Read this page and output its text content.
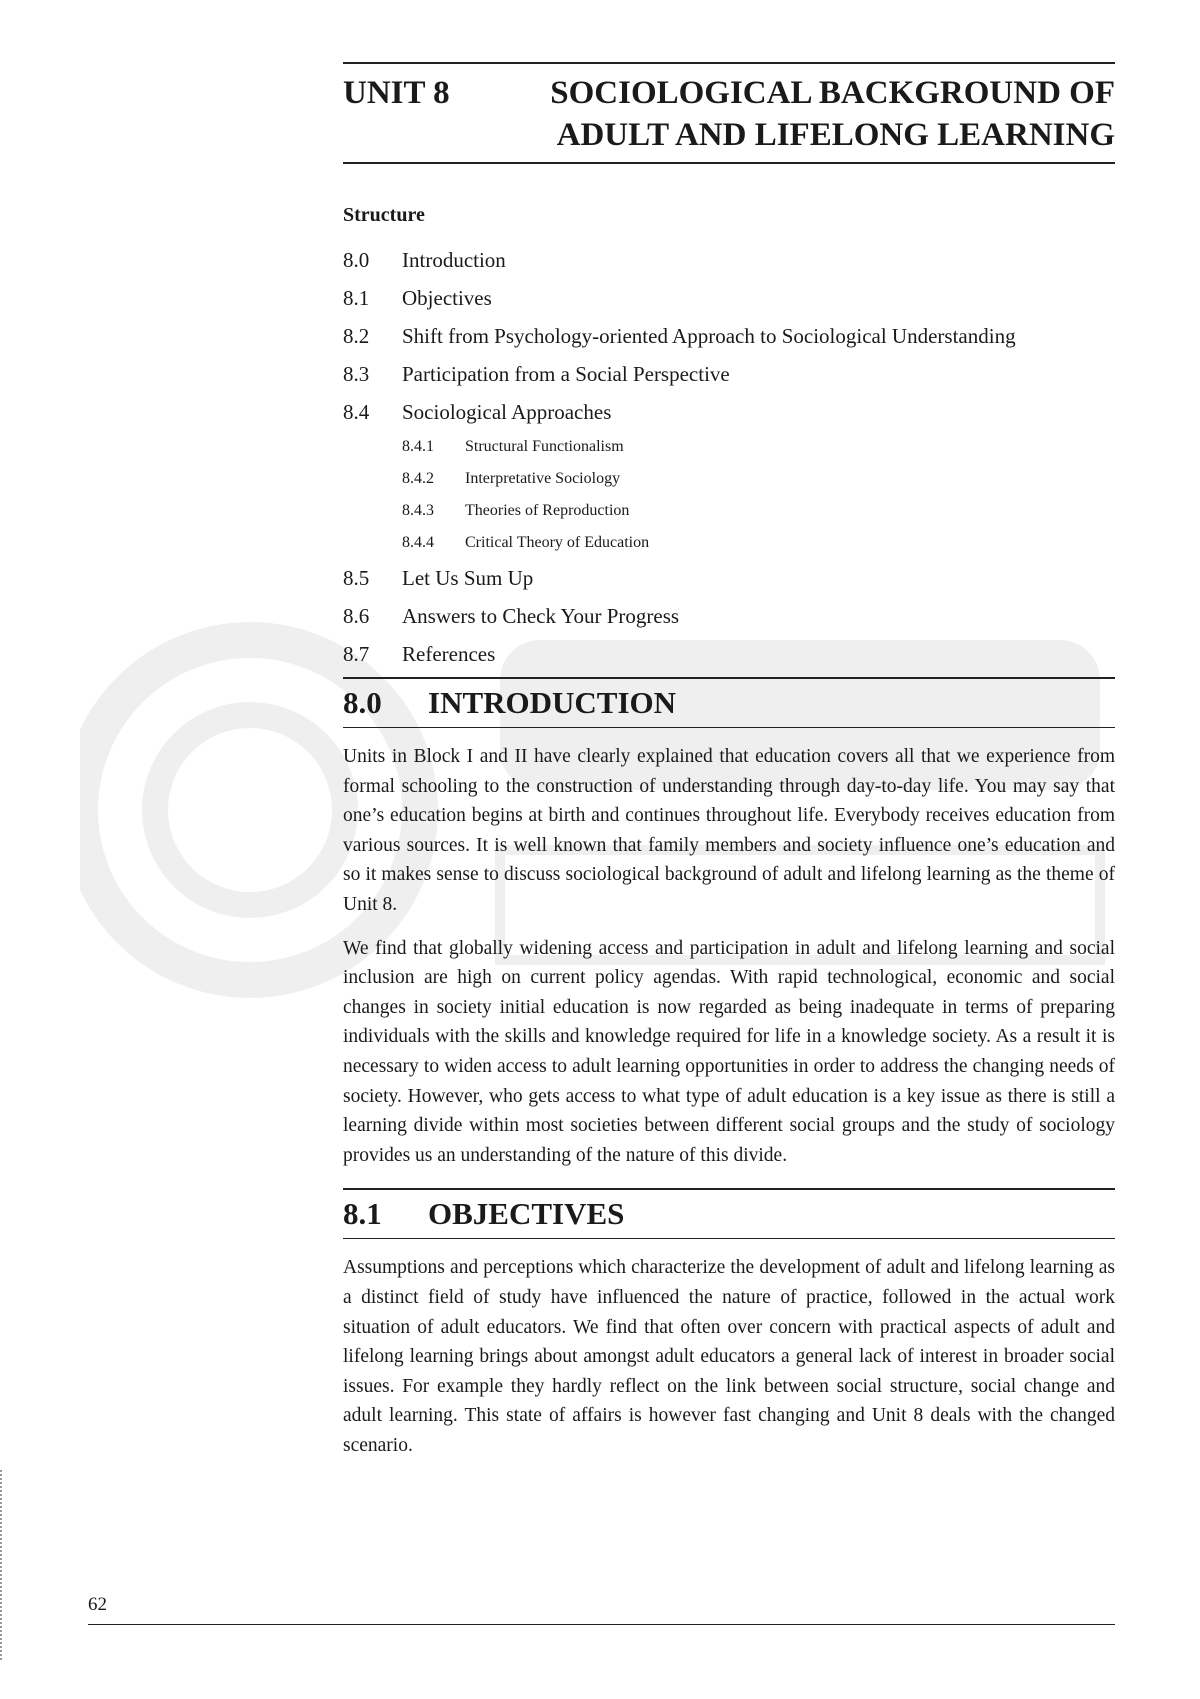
UNIT 8	SOCIOLOGICAL BACKGROUND OF
ADULT AND LIFELONG LEARNING
Structure
8.0	Introduction
8.1	Objectives
8.2	Shift from Psychology-oriented Approach to Sociological Understanding
8.3	Participation from a Social Perspective
8.4	Sociological Approaches
8.4.1	Structural Functionalism
8.4.2	Interpretative Sociology
8.4.3	Theories of Reproduction
8.4.4	Critical Theory of Education
8.5	Let Us Sum Up
8.6	Answers to Check Your Progress
8.7	References
8.0	INTRODUCTION

Units in Block I and II have clearly explained that education covers all that we experience from formal schooling to the construction of understanding through day-to-day life. You may say that one’s education begins at birth and continues throughout life. Everybody receives education from various sources. It is well known that family members and society influence one’s education and so it makes sense to discuss sociological background of adult and lifelong learning as the theme of Unit 8.

We find that globally widening access and participation in adult and lifelong learning and social inclusion are high on current policy agendas. With rapid technological, economic and social changes in society initial education is now regarded as being inadequate in terms of preparing individuals with the skills and knowledge required for life in a knowledge society. As a result it is necessary to widen access to adult learning opportunities in order to address the changing needs of society. However, who gets access to what type of adult education is a key issue as there is still a learning divide within most societies between different social groups and the study of sociology provides us an understanding of the nature of this divide.

8.1	OBJECTIVES

Assumptions and perceptions which characterize the development of adult and lifelong learning as a distinct field of study have influenced the nature of practice, followed in the actual work situation of adult educators. We find that often over concern with practical aspects of adult and lifelong learning brings about amongst adult educators a general lack of interest in broader social issues. For example they hardly reflect on the link between social structure, social change and adult learning. This state of affairs is however fast changing and Unit 8 deals with the changed scenario.

62
